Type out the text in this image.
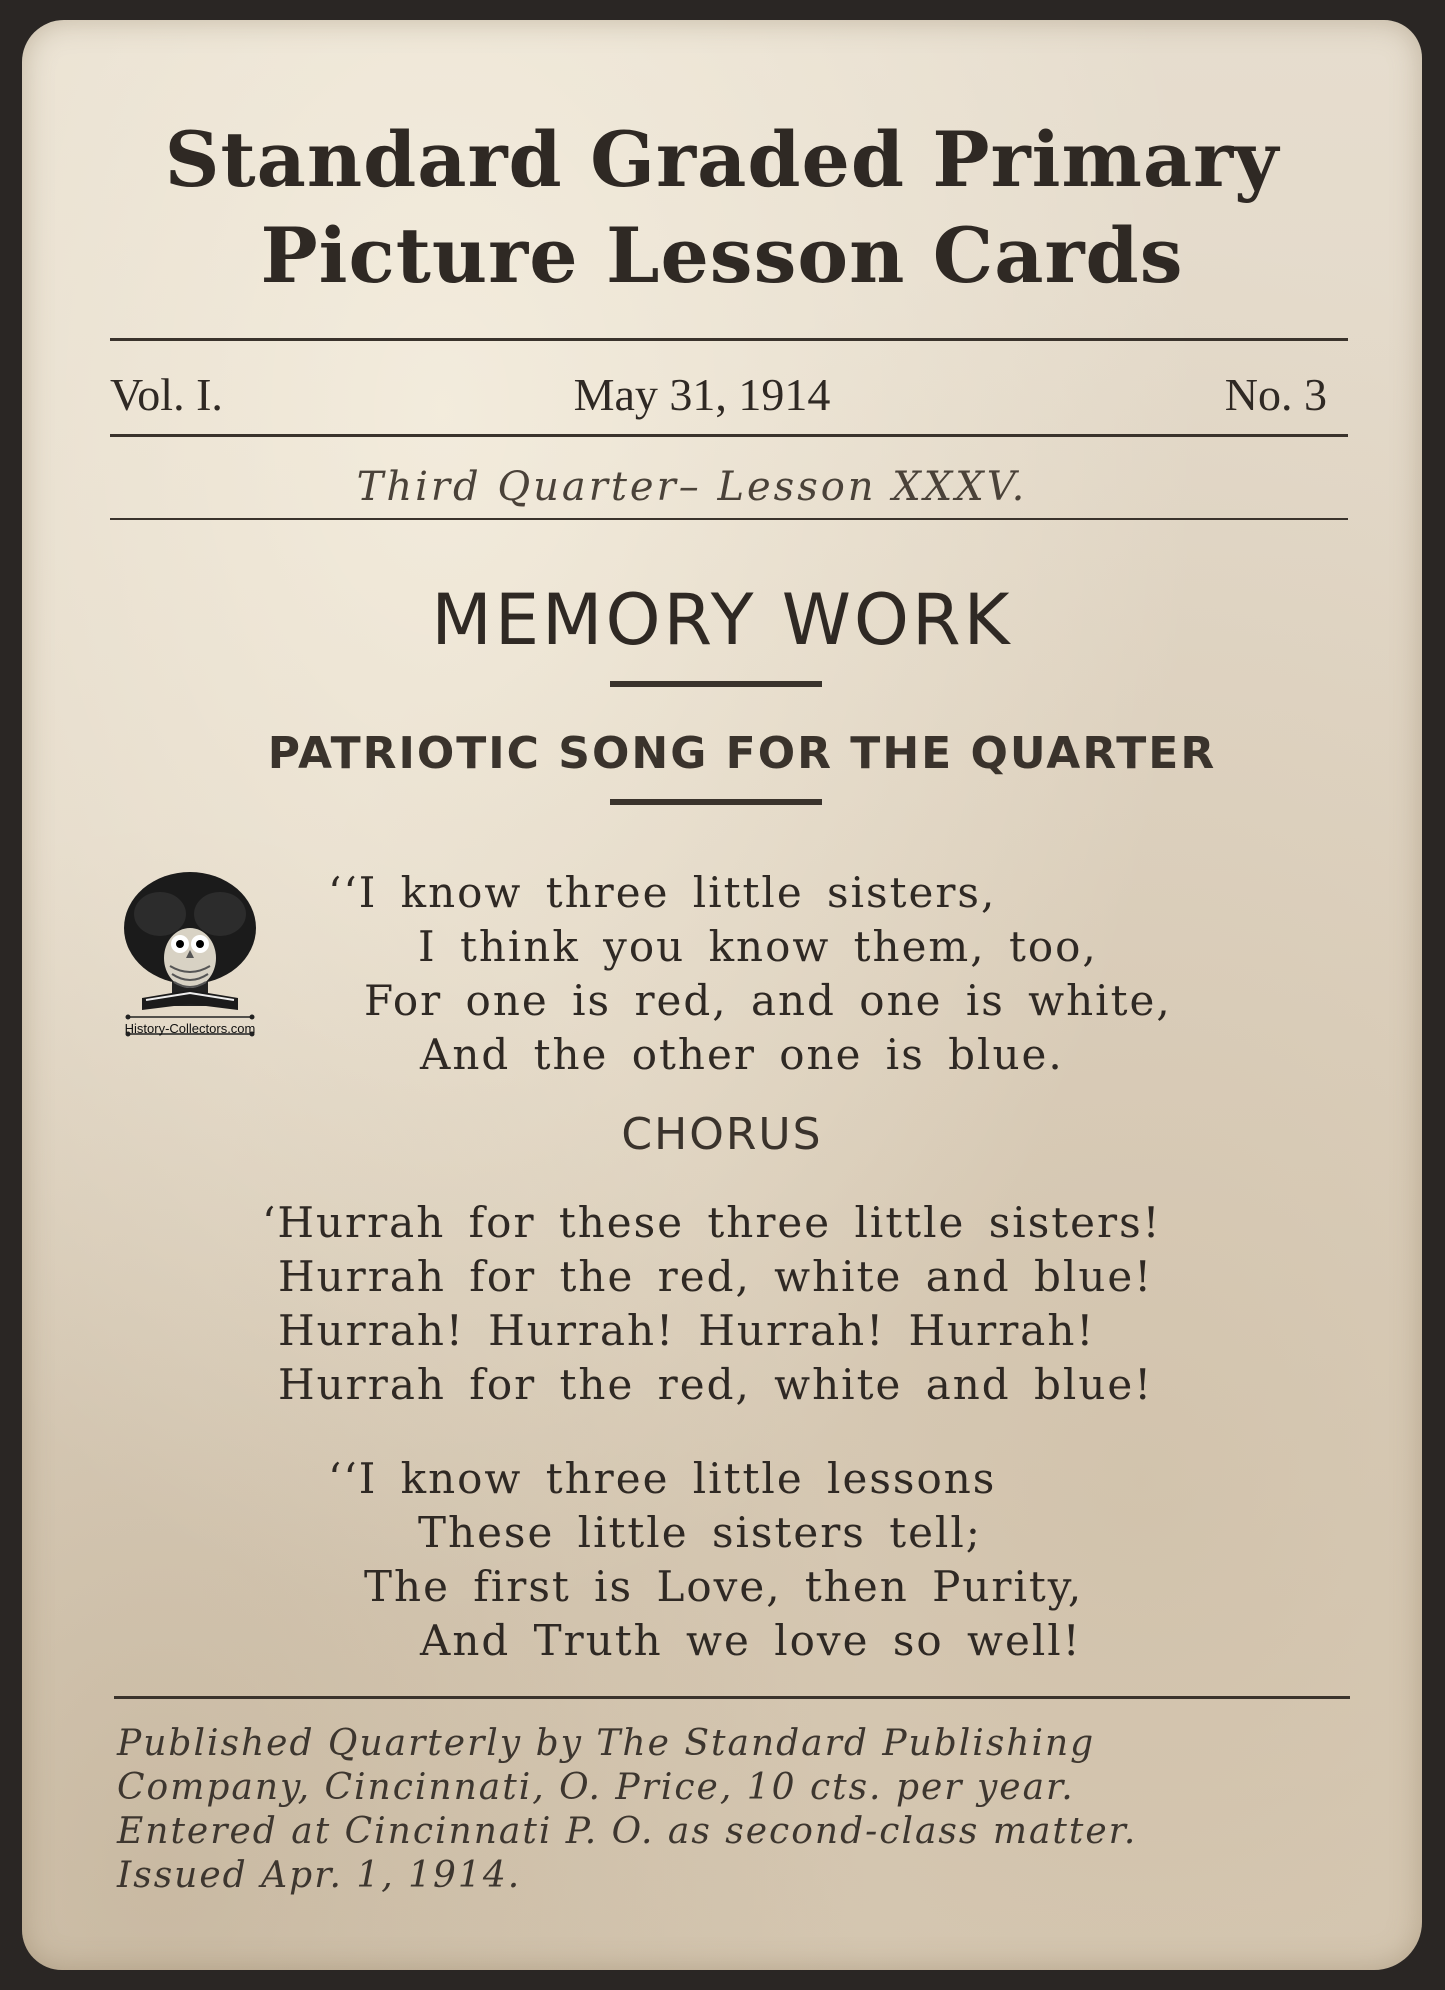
Standard Graded Primary
Picture Lesson Cards
Vol. I.	May 31, 1914	No. 3
Third Quarter– Lesson XXXV.
MEMORY WORK
PATRIOTIC SONG FOR THE QUARTER
History-Collectors.com
‘‘I know three little sisters,
I think you know them, too,
For one is red, and one is white,
And the other one is blue.
CHORUS
‘Hurrah for these three little sisters!
Hurrah for the red, white and blue!
Hurrah! Hurrah! Hurrah! Hurrah!
Hurrah for the red, white and blue!
‘‘I know three little lessons
These little sisters tell;
The first is Love, then Purity,
And Truth we love so well!
Published Quarterly by The Standard Publishing
Company, Cincinnati, O. Price, 10 cts. per year.
Entered at Cincinnati P. O. as second-class matter.
Issued Apr. 1, 1914.
